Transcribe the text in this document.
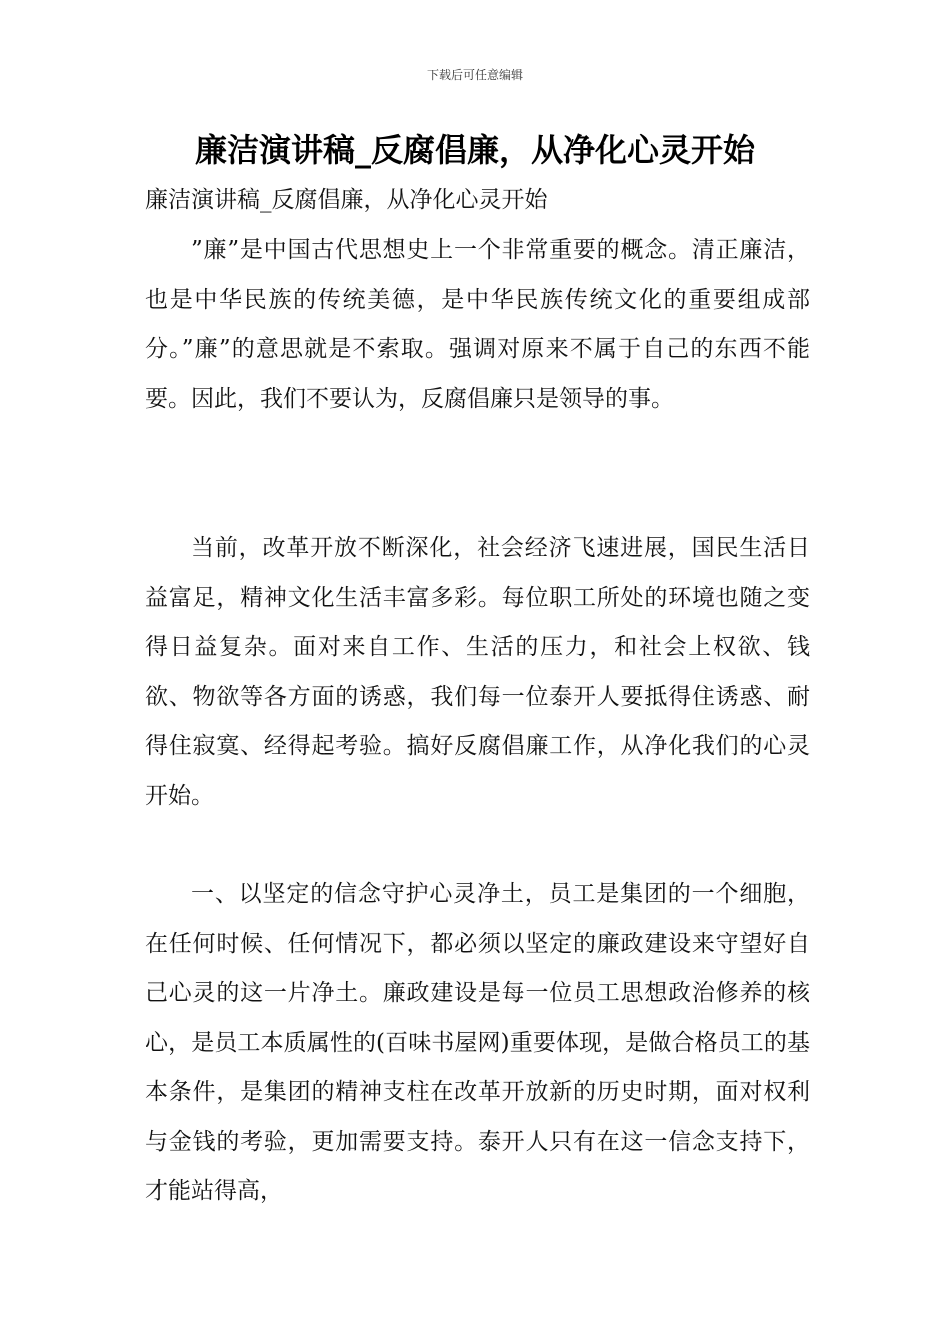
下载后可任意编辑
廉洁演讲稿_反腐倡廉，从净化心灵开始

廉洁演讲稿_反腐倡廉，从净化心灵开始

”廉”是中国古代思想史上一个非常重要的概念。清正廉洁，也是中华民族的传统美德，是中华民族传统文化的重要组成部分。”廉”的意思就是不索取。强调对原来不属于自己的东西不能要。因此，我们不要认为，反腐倡廉只是领导的事。

当前，改革开放不断深化，社会经济飞速进展，国民生活日益富足，精神文化生活丰富多彩。每位职工所处的环境也随之变得日益复杂。面对来自工作、生活的压力，和社会上权欲、钱欲、物欲等各方面的诱惑，我们每一位泰开人要抵得住诱惑、耐得住寂寞、经得起考验。搞好反腐倡廉工作，从净化我们的心灵开始。

一、以坚定的信念守护心灵净土，员工是集团的一个细胞，在任何时候、任何情况下，都必须以坚定的廉政建设来守望好自己心灵的这一片净土。廉政建设是每一位员工思想政治修养的核心，是员工本质属性的(百味书屋网)重要体现，是做合格员工的基本条件，是集团的精神支柱在改革开放新的历史时期，面对权利与金钱的考验，更加需要支持。泰开人只有在这一信念支持下，才能站得高，
